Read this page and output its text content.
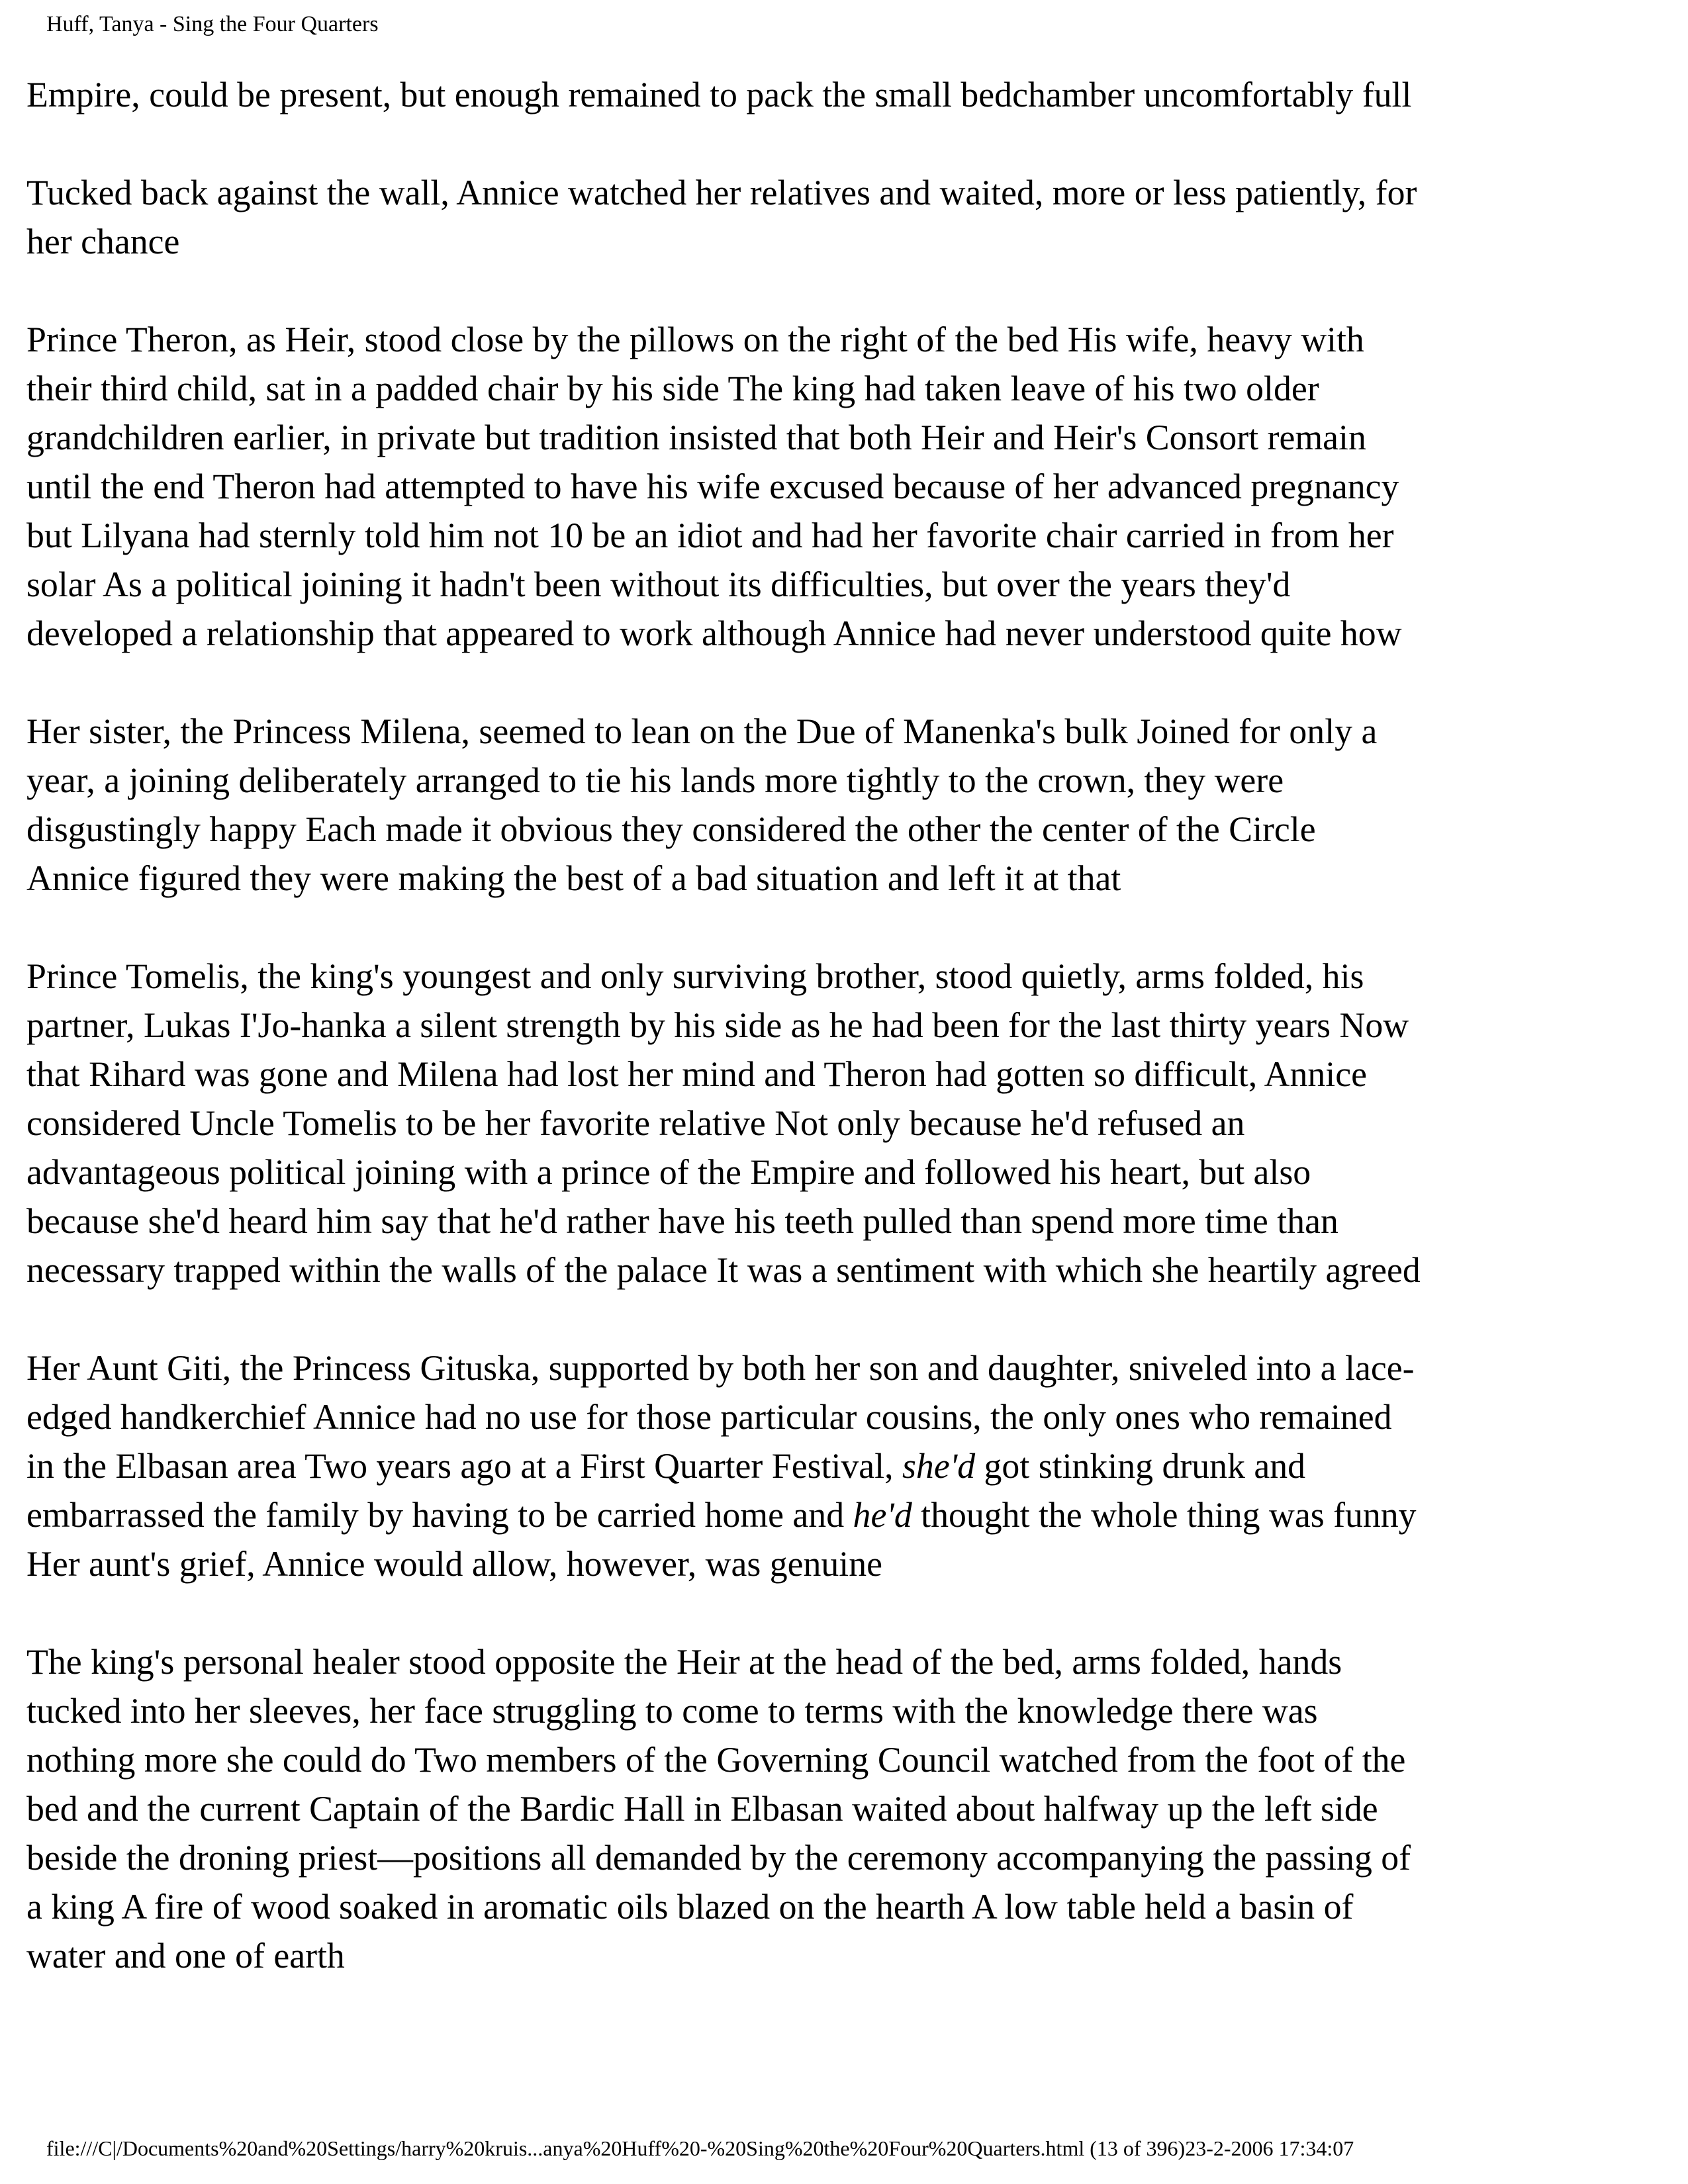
Huff, Tanya - Sing the Four Quarters
Empire, could be present, but enough remained to pack the small bedchamber uncomfortably full
Tucked back against the wall, Annice watched her relatives and waited, more or less patiently, for
her chance
Prince Theron, as Heir, stood close by the pillows on the right of the bed His wife, heavy with
their third child, sat in a padded chair by his side The king had taken leave of his two older
grandchildren earlier, in private but tradition insisted that both Heir and Heir's Consort remain
until the end Theron had attempted to have his wife excused because of her advanced pregnancy
but Lilyana had sternly told him not 10 be an idiot and had her favorite chair carried in from her
solar As a political joining it hadn't been without its difficulties, but over the years they'd
developed a relationship that appeared to work although Annice had never understood quite how
Her sister, the Princess Milena, seemed to lean on the Due of Manenka's bulk Joined for only a
year, a joining deliberately arranged to tie his lands more tightly to the crown, they were
disgustingly happy Each made it obvious they considered the other the center of the Circle
Annice figured they were making the best of a bad situation and left it at that
Prince Tomelis, the king's youngest and only surviving brother, stood quietly, arms folded, his
partner, Lukas I'Jo-hanka a silent strength by his side as he had been for the last thirty years Now
that Rihard was gone and Milena had lost her mind and Theron had gotten so difficult, Annice
considered Uncle Tomelis to be her favorite relative Not only because he'd refused an
advantageous political joining with a prince of the Empire and followed his heart, but also
because she'd heard him say that he'd rather have his teeth pulled than spend more time than
necessary trapped within the walls of the palace It was a sentiment with which she heartily agreed
Her Aunt Giti, the Princess Gituska, supported by both her son and daughter, sniveled into a lace-
edged handkerchief Annice had no use for those particular cousins, the only ones who remained
in the Elbasan area Two years ago at a First Quarter Festival, she'd got stinking drunk and
embarrassed the family by having to be carried home and he'd thought the whole thing was funny
Her aunt's grief, Annice would allow, however, was genuine
The king's personal healer stood opposite the Heir at the head of the bed, arms folded, hands
tucked into her sleeves, her face struggling to come to terms with the knowledge there was
nothing more she could do Two members of the Governing Council watched from the foot of the
bed and the current Captain of the Bardic Hall in Elbasan waited about halfway up the left side
beside the droning priest—positions all demanded by the ceremony accompanying the passing of
a king A fire of wood soaked in aromatic oils blazed on the hearth A low table held a basin of
water and one of earth
file:///C|/Documents%20and%20Settings/harry%20kruis...anya%20Huff%20-%20Sing%20the%20Four%20Quarters.html (13 of 396)23-2-2006 17:34:07
